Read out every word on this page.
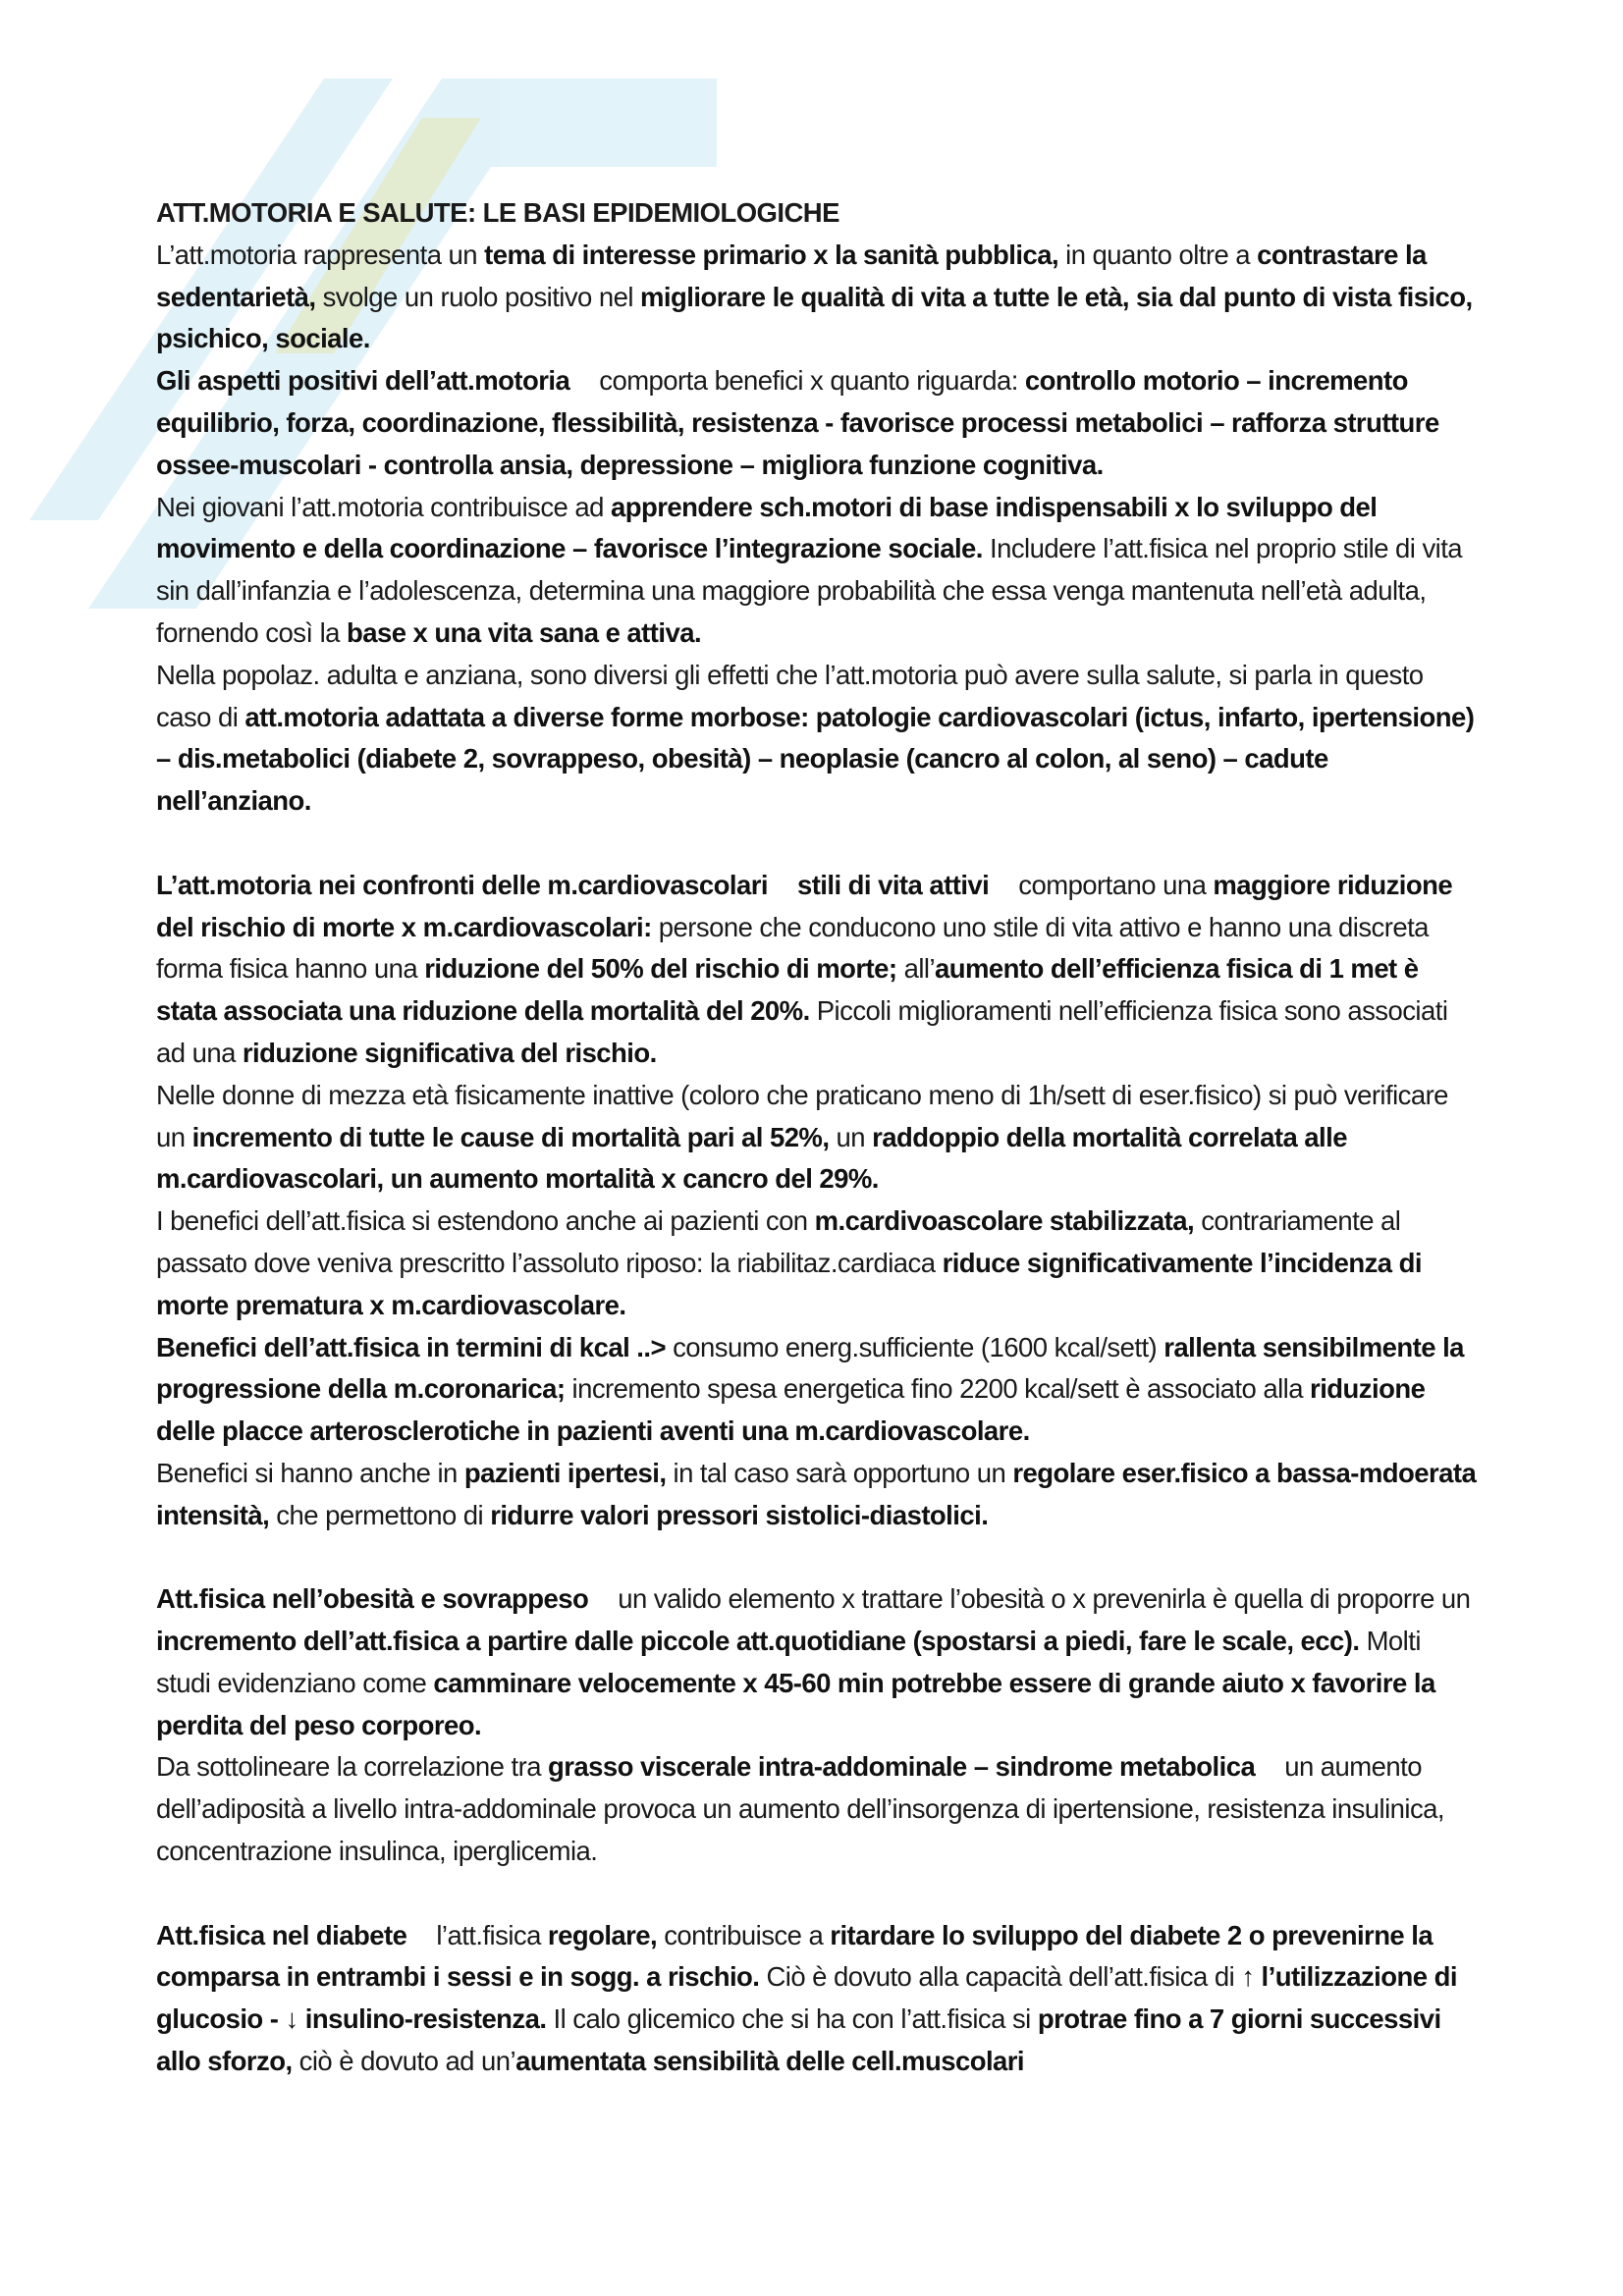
ATT.MOTORIA E SALUTE: LE BASI EPIDEMIOLOGICHE

L’att.motoria rappresenta un tema di interesse primario x la sanità pubblica, in quanto oltre a contrastare la sedentarietà, svolge un ruolo positivo nel migliorare le qualità di vita a tutte le età, sia dal punto di vista fisico, psichico, sociale.

Gli aspetti positivi dell’att.motoria comporta benefici x quanto riguarda: controllo motorio – incremento equilibrio, forza, coordinazione, flessibilità, resistenza - favorisce processi metabolici – rafforza strutture ossee-muscolari - controlla ansia, depressione – migliora funzione cognitiva.

Nei giovani l’att.motoria contribuisce ad apprendere sch.motori di base indispensabili x lo sviluppo del movimento e della coordinazione – favorisce l’integrazione sociale. Includere l’att.fisica nel proprio stile di vita sin dall’infanzia e l’adolescenza, determina una maggiore probabilità che essa venga mantenuta nell’età adulta, fornendo così la base x una vita sana e attiva.

Nella popolaz. adulta e anziana, sono diversi gli effetti che l’att.motoria può avere sulla salute, si parla in questo caso di att.motoria adattata a diverse forme morbose: patologie cardiovascolari (ictus, infarto, ipertensione) – dis.metabolici (diabete 2, sovrappeso, obesità) – neoplasie (cancro al colon, al seno) – cadute nell’anziano.

L’att.motoria nei confronti delle m.cardiovascolari stili di vita attivi comportano una maggiore riduzione del rischio di morte x m.cardiovascolari: persone che conducono uno stile di vita attivo e hanno una discreta forma fisica hanno una riduzione del 50% del rischio di morte; all’aumento dell’efficienza fisica di 1 met è stata associata una riduzione della mortalità del 20%. Piccoli miglioramenti nell’efficienza fisica sono associati ad una riduzione significativa del rischio.

Nelle donne di mezza età fisicamente inattive (coloro che praticano meno di 1h/sett di eser.fisico) si può verificare un incremento di tutte le cause di mortalità pari al 52%, un raddoppio della mortalità correlata alle m.cardiovascolari, un aumento mortalità x cancro del 29%.

I benefici dell’att.fisica si estendono anche ai pazienti con m.cardivoascolare stabilizzata, contrariamente al passato dove veniva prescritto l’assoluto riposo: la riabilitaz.cardiaca riduce significativamente l’incidenza di morte prematura x m.cardiovascolare.

Benefici dell’att.fisica in termini di kcal ..> consumo energ.sufficiente (1600 kcal/sett) rallenta sensibilmente la progressione della m.coronarica; incremento spesa energetica fino 2200 kcal/sett è associato alla riduzione delle placce arterosclerotiche in pazienti aventi una m.cardiovascolare.

Benefici si hanno anche in pazienti ipertesi, in tal caso sarà opportuno un regolare eser.fisico a bassa-mdoerata intensità, che permettono di ridurre valori pressori sistolici-diastolici.

Att.fisica nell’obesità e sovrappeso un valido elemento x trattare l’obesità o x prevenirla è quella di proporre un incremento dell’att.fisica a partire dalle piccole att.quotidiane (spostarsi a piedi, fare le scale, ecc). Molti studi evidenziano come camminare velocemente x 45-60 min potrebbe essere di grande aiuto x favorire la perdita del peso corporeo.

Da sottolineare la correlazione tra grasso viscerale intra-addominale – sindrome metabolica un aumento dell’adiposità a livello intra-addominale provoca un aumento dell’insorgenza di ipertensione, resistenza insulinica, concentrazione insulinca, iperglicemia.

Att.fisica nel diabete l’att.fisica regolare, contribuisce a ritardare lo sviluppo del diabete 2 o prevenirne la comparsa in entrambi i sessi e in sogg. a rischio. Ciò è dovuto alla capacità dell’att.fisica di ↑ l’utilizzazione di glucosio - ↓ insulino-resistenza. Il calo glicemico che si ha con l’att.fisica si protrae fino a 7 giorni successivi allo sforzo, ciò è dovuto ad un’aumentata sensibilità delle cell.muscolari
